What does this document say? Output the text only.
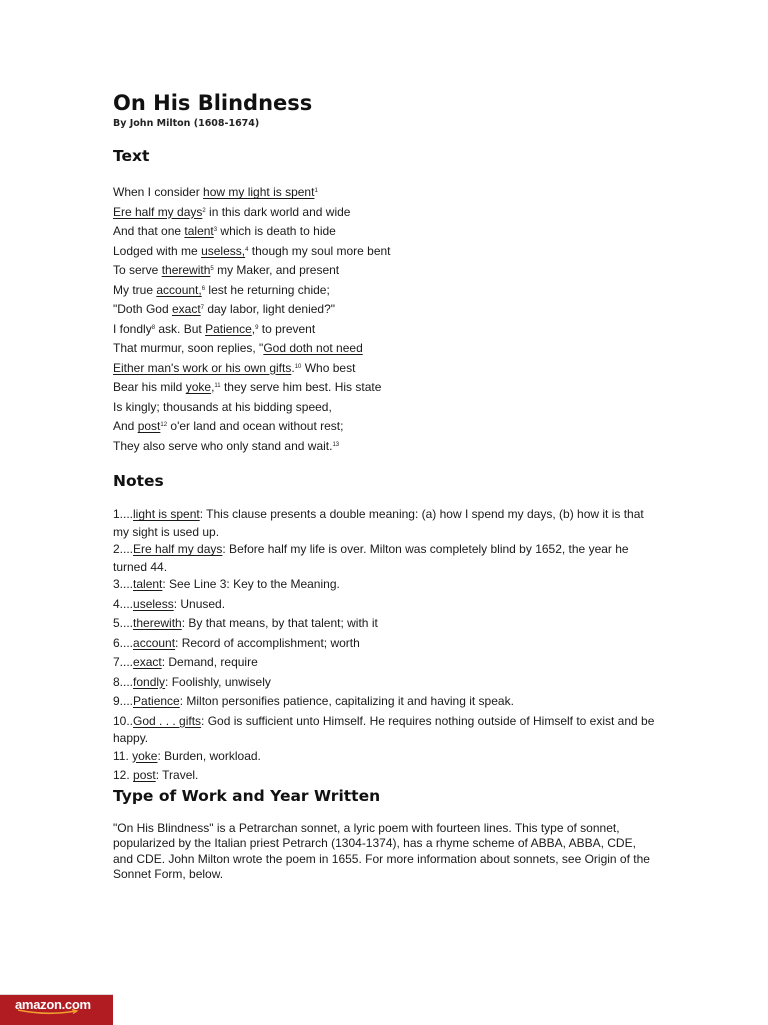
On His Blindness

By John Milton (1608-1674)

Text
When I consider how my light is spent$^1$
Ere half my days$^2$ in this dark world and wide
And that one talent$^3$ which is death to hide
Lodged with me useless,$^4$ though my soul more bent
To serve therewith$^5$ my Maker, and present
My true account,$^6$ lest he returning chide;
"Doth God exact$^7$ day labor, light denied?"
I fondly$^8$ ask. But Patience,$^9$ to prevent
That murmur, soon replies, "God doth not need
Either man's work or his own gifts.$^{10}$ Who best
Bear his mild yoke,$^{11}$ they serve him best. His state
Is kingly; thousands at his bidding speed,
And post$^{12}$ o'er land and ocean without rest;
They also serve who only stand and wait.$^{13}$
Notes
1....light is spent: This clause presents a double meaning: (a) how I spend my days, (b) how it is that my sight is used up.
2....Ere half my days: Before half my life is over. Milton was completely blind by 1652, the year he turned 44.
3....talent: See Line 3: Key to the Meaning.
4....useless: Unused.
5....therewith: By that means, by that talent; with it
6....account: Record of accomplishment; worth
7....exact: Demand, require
8....fondly: Foolishly, unwisely
9....Patience: Milton personifies patience, capitalizing it and having it speak.
10..God . . . gifts: God is sufficient unto Himself. He requires nothing outside of Himself to exist and be happy.
11. yoke: Burden, workload.
12. post: Travel.
Type of Work and Year Written

"On His Blindness" is a Petrarchan sonnet, a lyric poem with fourteen lines. This type of sonnet, popularized by the Italian priest Petrarch (1304-1374), has a rhyme scheme of ABBA, ABBA, CDE, and CDE. John Milton wrote the poem in 1655. For more information about sonnets, see Origin of the Sonnet Form, below.

amazon.com
